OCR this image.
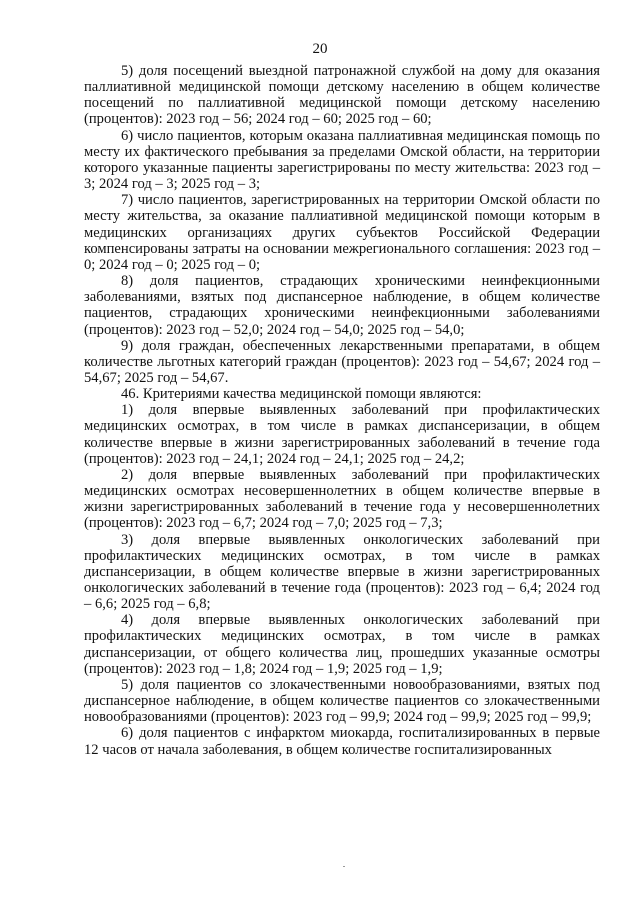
20

5) доля посещений выездной патронажной службой на дому для оказания паллиативной медицинской помощи детскому населению в общем количестве посещений по паллиативной медицинской помощи детскому населению (процентов): 2023 год – 56; 2024 год – 60; 2025 год – 60;

6) число пациентов, которым оказана паллиативная медицинская помощь по месту их фактического пребывания за пределами Омской области, на территории которого указанные пациенты зарегистрированы по месту жительства: 2023 год – 3; 2024 год – 3; 2025 год – 3;

7) число пациентов, зарегистрированных на территории Омской области по месту жительства, за оказание паллиативной медицинской помощи которым в медицинских организациях других субъектов Российской Федерации компенсированы затраты на основании межрегионального соглашения: 2023 год – 0; 2024 год – 0; 2025 год – 0;

8) доля пациентов, страдающих хроническими неинфекционными заболеваниями, взятых под диспансерное наблюдение, в общем количестве пациентов, страдающих хроническими неинфекционными заболеваниями (процентов): 2023 год – 52,0; 2024 год – 54,0; 2025 год – 54,0;

9) доля граждан, обеспеченных лекарственными препаратами, в общем количестве льготных категорий граждан (процентов): 2023 год – 54,67; 2024 год – 54,67; 2025 год – 54,67.

46. Критериями качества медицинской помощи являются:

1) доля впервые выявленных заболеваний при профилактических медицинских осмотрах, в том числе в рамках диспансеризации, в общем количестве впервые в жизни зарегистрированных заболеваний в течение года (процентов): 2023 год – 24,1; 2024 год – 24,1; 2025 год – 24,2;

2) доля впервые выявленных заболеваний при профилактических медицинских осмотрах несовершеннолетних в общем количестве впервые в жизни зарегистрированных заболеваний в течение года у несовершеннолетних (процентов): 2023 год – 6,7; 2024 год – 7,0; 2025 год – 7,3;

3) доля впервые выявленных онкологических заболеваний при профилактических медицинских осмотрах, в том числе в рамках диспансеризации, в общем количестве впервые в жизни зарегистрированных онкологических заболеваний в течение года (процентов): 2023 год – 6,4; 2024 год – 6,6; 2025 год – 6,8;

4) доля впервые выявленных онкологических заболеваний при профилактических медицинских осмотрах, в том числе в рамках диспансеризации, от общего количества лиц, прошедших указанные осмотры (процентов): 2023 год – 1,8; 2024 год – 1,9; 2025 год – 1,9;

5) доля пациентов со злокачественными новообразованиями, взятых под диспансерное наблюдение, в общем количестве пациентов со злокачественными новообразованиями (процентов): 2023 год – 99,9; 2024 год – 99,9; 2025 год – 99,9;

6) доля пациентов с инфарктом миокарда, госпитализированных в первые 12 часов от начала заболевания, в общем количестве госпитализированных
